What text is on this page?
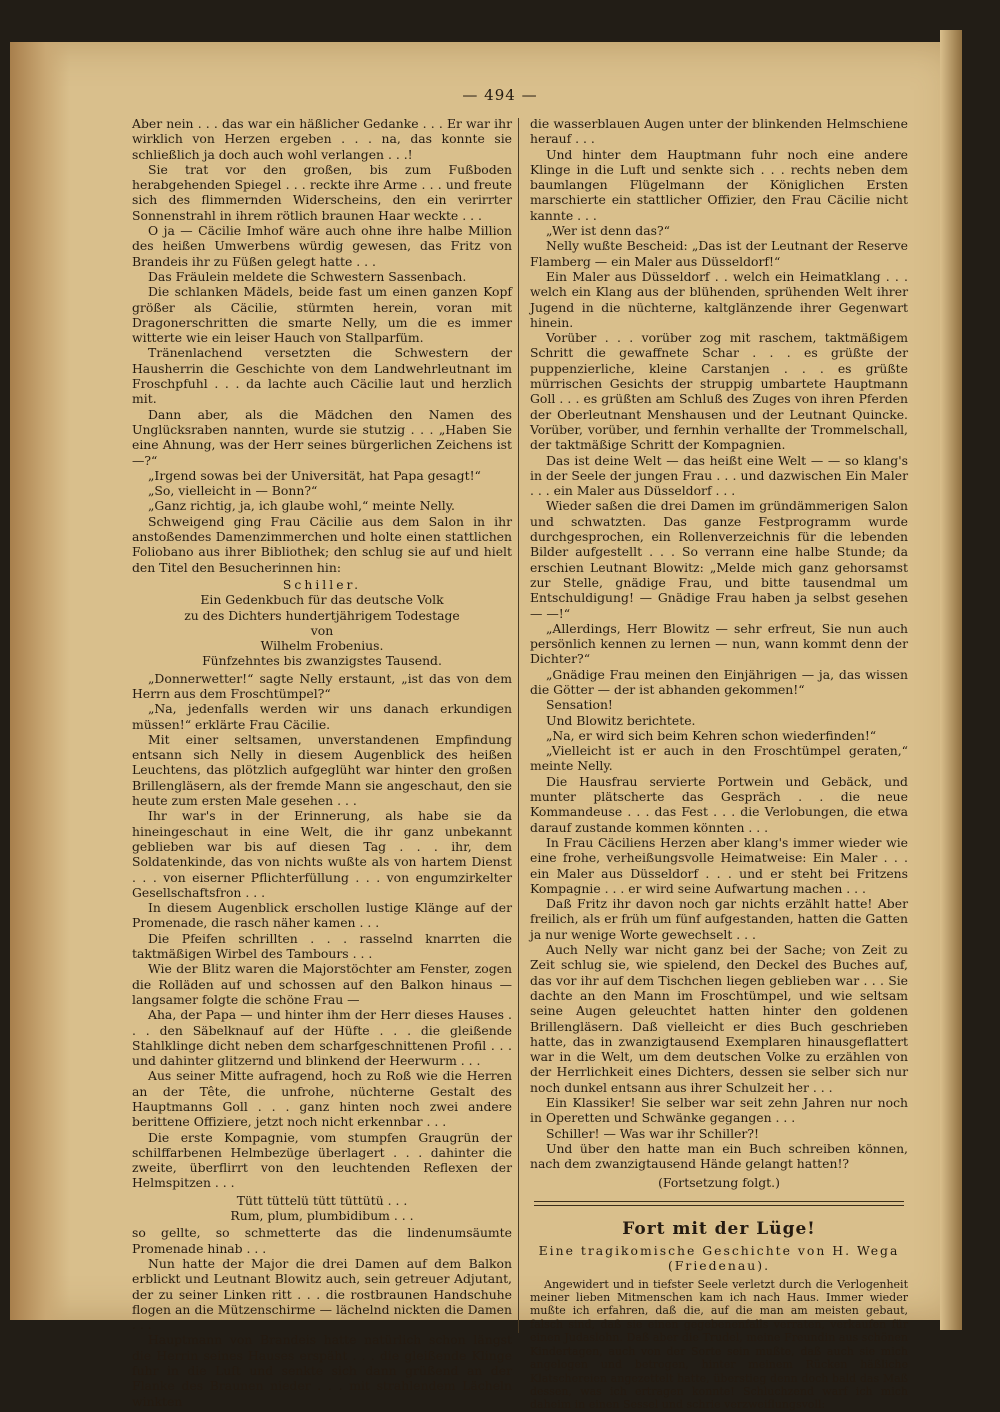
— 494 —

Aber nein . . . das war ein häßlicher Gedanke . . . Er war ihr wirklich von Herzen ergeben . . . na, das konnte sie schließlich ja doch auch wohl verlangen . . .!

Sie trat vor den großen, bis zum Fußboden herabgehenden Spiegel . . . reckte ihre Arme . . . und freute sich des flimmernden Widerscheins, den ein verirrter Sonnenstrahl in ihrem rötlich braunen Haar weckte . . .

O ja — Cäcilie Imhof wäre auch ohne ihre halbe Million des heißen Umwerbens würdig gewesen, das Fritz von Brandeis ihr zu Füßen gelegt hatte . . .

Das Fräulein meldete die Schwestern Sassenbach.

Die schlanken Mädels, beide fast um einen ganzen Kopf größer als Cäcilie, stürmten herein, voran mit Dragonerschritten die smarte Nelly, um die es immer witterte wie ein leiser Hauch von Stallparfüm.

Tränenlachend versetzten die Schwestern der Hausherrin die Geschichte von dem Landwehrleutnant im Froschpfuhl . . . da lachte auch Cäcilie laut und herzlich mit.

Dann aber, als die Mädchen den Namen des Unglücksraben nannten, wurde sie stutzig . . . „Haben Sie eine Ahnung, was der Herr seines bürgerlichen Zeichens ist —?“

„Irgend sowas bei der Universität, hat Papa gesagt!“

„So, vielleicht in — Bonn?“

„Ganz richtig, ja, ich glaube wohl,“ meinte Nelly.

Schweigend ging Frau Cäcilie aus dem Salon in ihr anstoßendes Damenzimmerchen und holte einen stattlichen Foliobano aus ihrer Bibliothek; den schlug sie auf und hielt den Titel den Besucherinnen hin:

Schiller.
Ein Gedenkbuch für das deutsche Volk
zu des Dichters hundertjährigem Todestage
von
Wilhelm Frobenius.
Fünfzehntes bis zwanzigstes Tausend.

„Donnerwetter!“ sagte Nelly erstaunt, „ist das von dem Herrn aus dem Froschtümpel?“

„Na, jedenfalls werden wir uns danach erkundigen müssen!“ erklärte Frau Cäcilie.

Mit einer seltsamen, unverstandenen Empfindung entsann sich Nelly in diesem Augenblick des heißen Leuchtens, das plötzlich aufgeglüht war hinter den großen Brillengläsern, als der fremde Mann sie angeschaut, den sie heute zum ersten Male gesehen . . .

Ihr war's in der Erinnerung, als habe sie da hineingeschaut in eine Welt, die ihr ganz unbekannt geblieben war bis auf diesen Tag . . . ihr, dem Soldatenkinde, das von nichts wußte als von hartem Dienst . . . von eiserner Pflichterfüllung . . . von engumzirkelter Gesellschaftsfron . . .

In diesem Augenblick erschollen lustige Klänge auf der Promenade, die rasch näher kamen . . .

Die Pfeifen schrillten . . . rasselnd knarrten die taktmäßigen Wirbel des Tambours . . .

Wie der Blitz waren die Majorstöchter am Fenster, zogen die Rolläden auf und schossen auf den Balkon hinaus — langsamer folgte die schöne Frau —

Aha, der Papa — und hinter ihm der Herr dieses Hauses . . . den Säbelknauf auf der Hüfte . . . die gleißende Stahlklinge dicht neben dem scharfgeschnittenen Profil . . . und dahinter glitzernd und blinkend der Heerwurm . . .

Aus seiner Mitte aufragend, hoch zu Roß wie die Herren an der Tête, die unfrohe, nüchterne Gestalt des Hauptmanns Goll . . . ganz hinten noch zwei andere berittene Offiziere, jetzt noch nicht erkennbar . . .

Die erste Kompagnie, vom stumpfen Graugrün der schilffarbenen Helmbezüge überlagert . . . dahinter die zweite, überflirrt von den leuchtenden Reflexen der Helmspitzen . . .

Tütt tüttelü tütt tüttütü . . .
Rum, plum, plumbidibum . . .

so gellte, so schmetterte das die lindenumsäumte Promenade hinab . . .

Nun hatte der Major die drei Damen auf dem Balkon erblickt und Leutnant Blowitz auch, sein getreuer Adjutant, der zu seiner Linken ritt . . . die rostbraunen Handschuhe flogen an die Mützenschirme — lächelnd nickten die Damen . . .

Hauptmann von Brandeis hatte natürlich schon längst die Herrin seines Hauses erspäht . . . die gleißende Klinge fuhr in die Luft und senkte sich dann grüßend an der Flanke des Braunen nieder . . . mit strahlendem Lächeln winkten

die wasserblauen Augen unter der blinkenden Helmschiene herauf . . .

Und hinter dem Hauptmann fuhr noch eine andere Klinge in die Luft und senkte sich . . . rechts neben dem baumlangen Flügelmann der Königlichen Ersten marschierte ein stattlicher Offizier, den Frau Cäcilie nicht kannte . . .

„Wer ist denn das?“

Nelly wußte Bescheid: „Das ist der Leutnant der Reserve Flamberg — ein Maler aus Düsseldorf!“

Ein Maler aus Düsseldorf . . welch ein Heimatklang . . . welch ein Klang aus der blühenden, sprühenden Welt ihrer Jugend in die nüchterne, kaltglänzende ihrer Gegenwart hinein.

Vorüber . . . vorüber zog mit raschem, taktmäßigem Schritt die gewaffnete Schar . . . es grüßte der puppenzierliche, kleine Carstanjen . . . es grüßte mürrischen Gesichts der struppig umbartete Hauptmann Goll . . . es grüßten am Schluß des Zuges von ihren Pferden der Oberleutnant Menshausen und der Leutnant Quincke. Vorüber, vorüber, und fernhin verhallte der Trommelschall, der taktmäßige Schritt der Kompagnien.

Das ist deine Welt — das heißt eine Welt — — so klang's in der Seele der jungen Frau . . . und dazwischen Ein Maler . . . ein Maler aus Düsseldorf . . .

Wieder saßen die drei Damen im gründämmerigen Salon und schwatzten. Das ganze Festprogramm wurde durchgesprochen, ein Rollenverzeichnis für die lebenden Bilder aufgestellt . . . So verrann eine halbe Stunde; da erschien Leutnant Blowitz: „Melde mich ganz gehorsamst zur Stelle, gnädige Frau, und bitte tausendmal um Entschuldigung! — Gnädige Frau haben ja selbst gesehen — —!“

„Allerdings, Herr Blowitz — sehr erfreut, Sie nun auch persönlich kennen zu lernen — nun, wann kommt denn der Dichter?“

„Gnädige Frau meinen den Einjährigen — ja, das wissen die Götter — der ist abhanden gekommen!“

Sensation!

Und Blowitz berichtete.

„Na, er wird sich beim Kehren schon wiederfinden!“

„Vielleicht ist er auch in den Froschtümpel geraten,“ meinte Nelly.

Die Hausfrau servierte Portwein und Gebäck, und munter plätscherte das Gespräch . . die neue Kommandeuse . . . das Fest . . . die Verlobungen, die etwa darauf zustande kommen könnten . . .

In Frau Cäciliens Herzen aber klang's immer wieder wie eine frohe, verheißungsvolle Heimatweise: Ein Maler . . . ein Maler aus Düsseldorf . . . und er steht bei Fritzens Kompagnie . . . er wird seine Aufwartung machen . . .

Daß Fritz ihr davon noch gar nichts erzählt hatte! Aber freilich, als er früh um fünf aufgestanden, hatten die Gatten ja nur wenige Worte gewechselt . . .

Auch Nelly war nicht ganz bei der Sache; von Zeit zu Zeit schlug sie, wie spielend, den Deckel des Buches auf, das vor ihr auf dem Tischchen liegen geblieben war . . . Sie dachte an den Mann im Froschtümpel, und wie seltsam seine Augen geleuchtet hatten hinter den goldenen Brillengläsern. Daß vielleicht er dies Buch geschrieben hatte, das in zwanzigtausend Exemplaren hinausgeflattert war in die Welt, um dem deutschen Volke zu erzählen von der Herrlichkeit eines Dichters, dessen sie selber sich nur noch dunkel entsann aus ihrer Schulzeit her . . .

Ein Klassiker! Sie selber war seit zehn Jahren nur noch in Operetten und Schwänke gegangen . . .

Schiller! — Was war ihr Schiller?!

Und über den hatte man ein Buch schreiben können, nach dem zwanzigtausend Hände gelangt hatten!?

(Fortsetzung folgt.)

Fort mit der Lüge!

Eine tragikomische Geschichte von H. Wega (Friedenau).

Angewidert und in tiefster Seele verletzt durch die Verlogenheit meiner lieben Mitmenschen kam ich nach Haus. Immer wieder mußte ich erfahren, daß die, auf die man am meisten gebaut, falsch sind, daß sie einen gegebenenfalls verraten, verkaufen für einen Judaslohn. Daß aber die Trudel, meine Freundin aus schönen Kindertagen, auch von der Sorte sein mußte, daß auch sie mich angelogen und betrogen, hinter meinem Rücken häßliche Klatschereien angezettelt hatte, überstieg denn doch bald das Maß dessen, was ich ertragen konnte! Schluchzend warf ich mich daheim in einen Sessel und schrie verzweiflungsvoll:
